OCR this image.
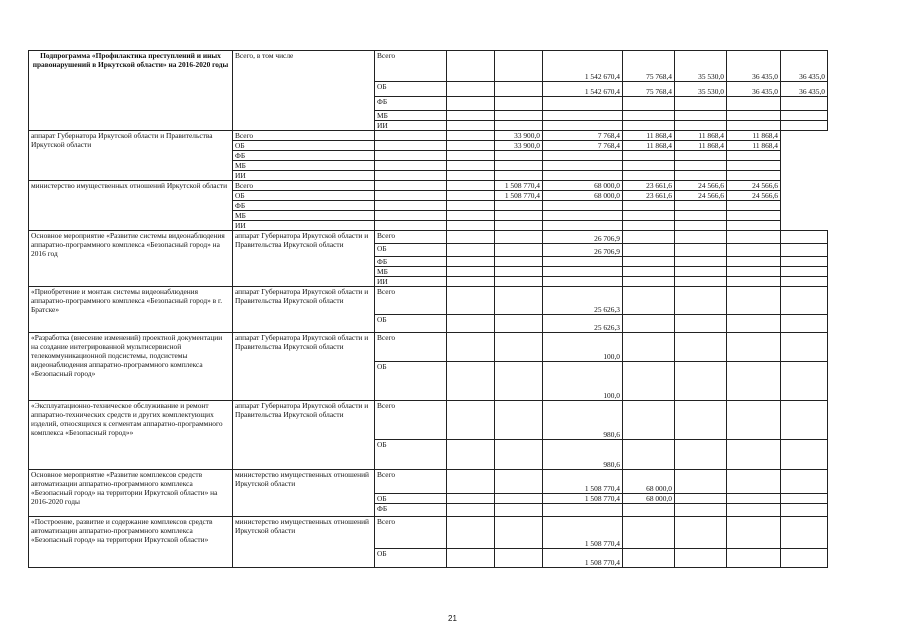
Подпрограмма «Профилактика преступлений и иных правонарушений в Иркутской области» на 2016-2020 годы	Всего, в том числе	Всего			1 542 670,4	75 768,4	35 530,0	36 435,0	36 435,0
		ОБ			1 542 670,4	75 768,4	35 530,0	36 435,0	36 435,0
		ФБ							
		МБ							
		ИИ							
аппарат Губернатора Иркутской области и Правительства Иркутской области	Всего			33 900,0	7 768,4	11 868,4	11 868,4	11 868,4	
	ОБ			33 900,0	7 768,4	11 868,4	11 868,4	11 868,4	
	ФБ								
	МБ								
	ИИ								
министерство имущественных отношений Иркутской области	Всего			1 508 770,4	68 000,0	23 661,6	24 566,6	24 566,6	
	ОБ			1 508 770,4	68 000,0	23 661,6	24 566,6	24 566,6	
	ФБ								
	МБ								
	ИИ								
Основное мероприятие «Развитие системы видеонаблюдения аппаратно-программного комплекса «Безопасный город» на 2016 год	аппарат Губернатора Иркутской области и Правительства Иркутской области	Всего			26 706,9				
		ОБ			26 706,9				
		ФБ							
		МБ							
		ИИ							
«Приобретение и монтаж системы видеонаблюдения аппаратно-программного комплекса «Безопасный город» в г. Братске»	аппарат Губернатора Иркутской области и Правительства Иркутской области	Всего			25 626,3				
		ОБ			25 626,3				
«Разработка (внесение изменений) проектной документации на создание интегрированной мультисервисной телекоммуникационной подсистемы, подсистемы видеонаблюдения аппаратно-программного комплекса «Безопасный город»	аппарат Губернатора Иркутской области и Правительства Иркутской области	Всего			100,0				
		ОБ			100,0				
«Эксплуатационно-техническое обслуживание и ремонт аппаратно-технических средств и других комплектующих изделий, относящихся к сегментам аппаратно-программного комплекса «Безопасный город»»	аппарат Губернатора Иркутской области и Правительства Иркутской области	Всего			980,6				
		ОБ			980,6				
Основное мероприятие «Развитие комплексов средств автоматизации аппаратно-программного комплекса «Безопасный город» на территории Иркутской области» на 2016-2020 годы	министерство имущественных отношений Иркутской области	Всего			1 508 770,4	68 000,0			
		ОБ			1 508 770,4	68 000,0			
		ФБ							
«Построение, развитие и содержание комплексов средств автоматизации аппаратно-программного комплекса «Безопасный город» на территории Иркутской области»	министерство имущественных отношений Иркутской области	Всего			1 508 770,4				
		ОБ			1 508 770,4				
21
